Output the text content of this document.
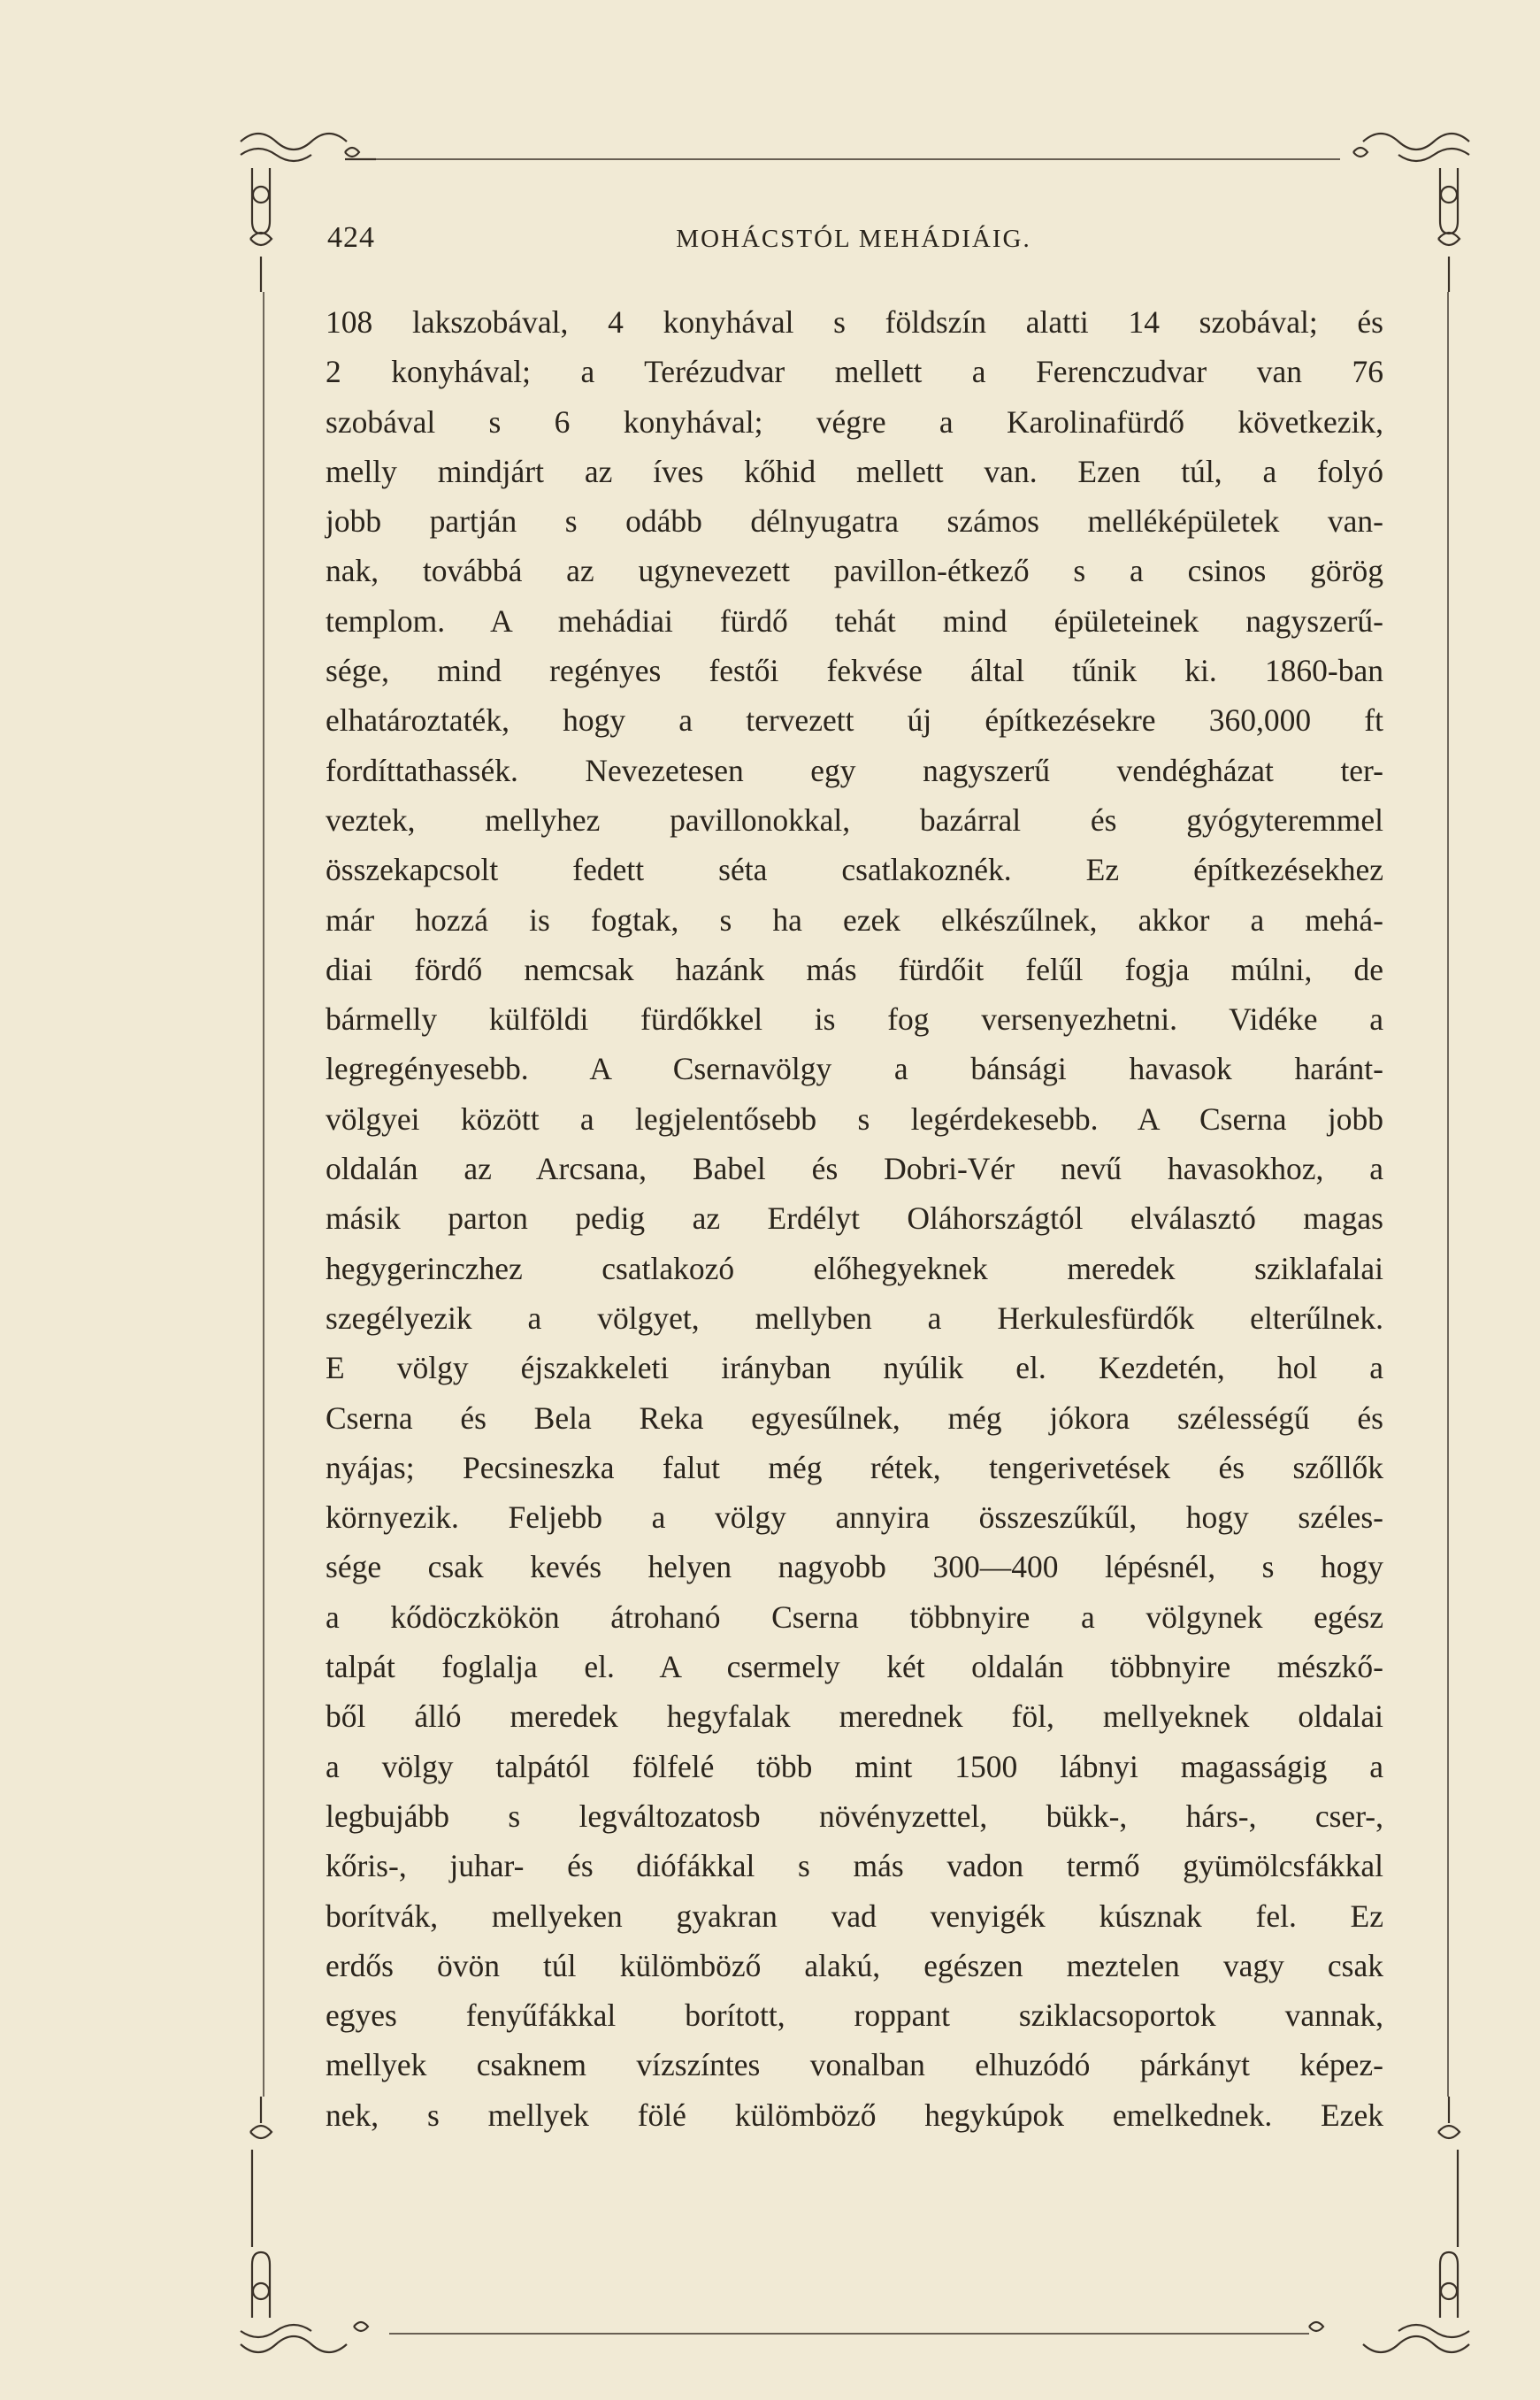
424	MOHÁCSTÓL MEHÁDIÁIG.
108 lakszobával, 4 konyhával s földszín alatti 14 szobával; és
2 konyhával; a Terézudvar mellett a Ferenczudvar van 76
szobával s 6 konyhával; végre a Karolinafürdő következik,
melly mindjárt az íves kőhid mellett van. Ezen túl, a folyó
jobb partján s odább délnyugatra számos melléképületek van-
nak, továbbá az ugynevezett pavillon-étkező s a csinos görög
templom. A mehádiai fürdő tehát mind épületeinek nagyszerű-
sége, mind regényes festői fekvése által tűnik ki. 1860-ban
elhatároztaték, hogy a tervezett új építkezésekre 360,000 ft
fordíttathassék. Nevezetesen egy nagyszerű vendégházat ter-
veztek, mellyhez pavillonokkal, bazárral és gyógyteremmel
összekapcsolt fedett séta csatlakoznék. Ez építkezésekhez
már hozzá is fogtak, s ha ezek elkészűlnek, akkor a mehá-
diai fördő nemcsak hazánk más fürdőit felűl fogja múlni, de
bármelly külföldi fürdőkkel is fog versenyezhetni. Vidéke a
legregényesebb. A Csernavölgy a bánsági havasok haránt-
völgyei között a legjelentősebb s legérdekesebb. A Cserna jobb
oldalán az Arcsana, Babel és Dobri-Vér nevű havasokhoz, a
másik parton pedig az Erdélyt Oláhországtól elválasztó magas
hegygerinczhez csatlakozó előhegyeknek meredek sziklafalai
szegélyezik a völgyet, mellyben a Herkulesfürdők elterűlnek.
E völgy éjszakkeleti irányban nyúlik el. Kezdetén, hol a
Cserna és Bela Reka egyesűlnek, még jókora szélességű és
nyájas; Pecsineszka falut még rétek, tengerivetések és szőllők
környezik. Feljebb a völgy annyira összeszűkűl, hogy széles-
sége csak kevés helyen nagyobb 300—400 lépésnél, s hogy
a kődöczkökön átrohanó Cserna többnyire a völgynek egész
talpát foglalja el. A csermely két oldalán többnyire mészkő-
ből álló meredek hegyfalak merednek föl, mellyeknek oldalai
a völgy talpától fölfelé több mint 1500 lábnyi magasságig a
legbujább s legváltozatosb növényzettel, bükk-, hárs-, cser-,
kőris-, juhar- és diófákkal s más vadon termő gyümölcsfákkal
borítvák, mellyeken gyakran vad venyigék kúsznak fel. Ez
erdős övön túl külömböző alakú, egészen meztelen vagy csak
egyes fenyűfákkal borított, roppant sziklacsoportok vannak,
mellyek csaknem vízszíntes vonalban elhuzódó párkányt képez-
nek, s mellyek fölé külömböző hegykúpok emelkednek. Ezek
